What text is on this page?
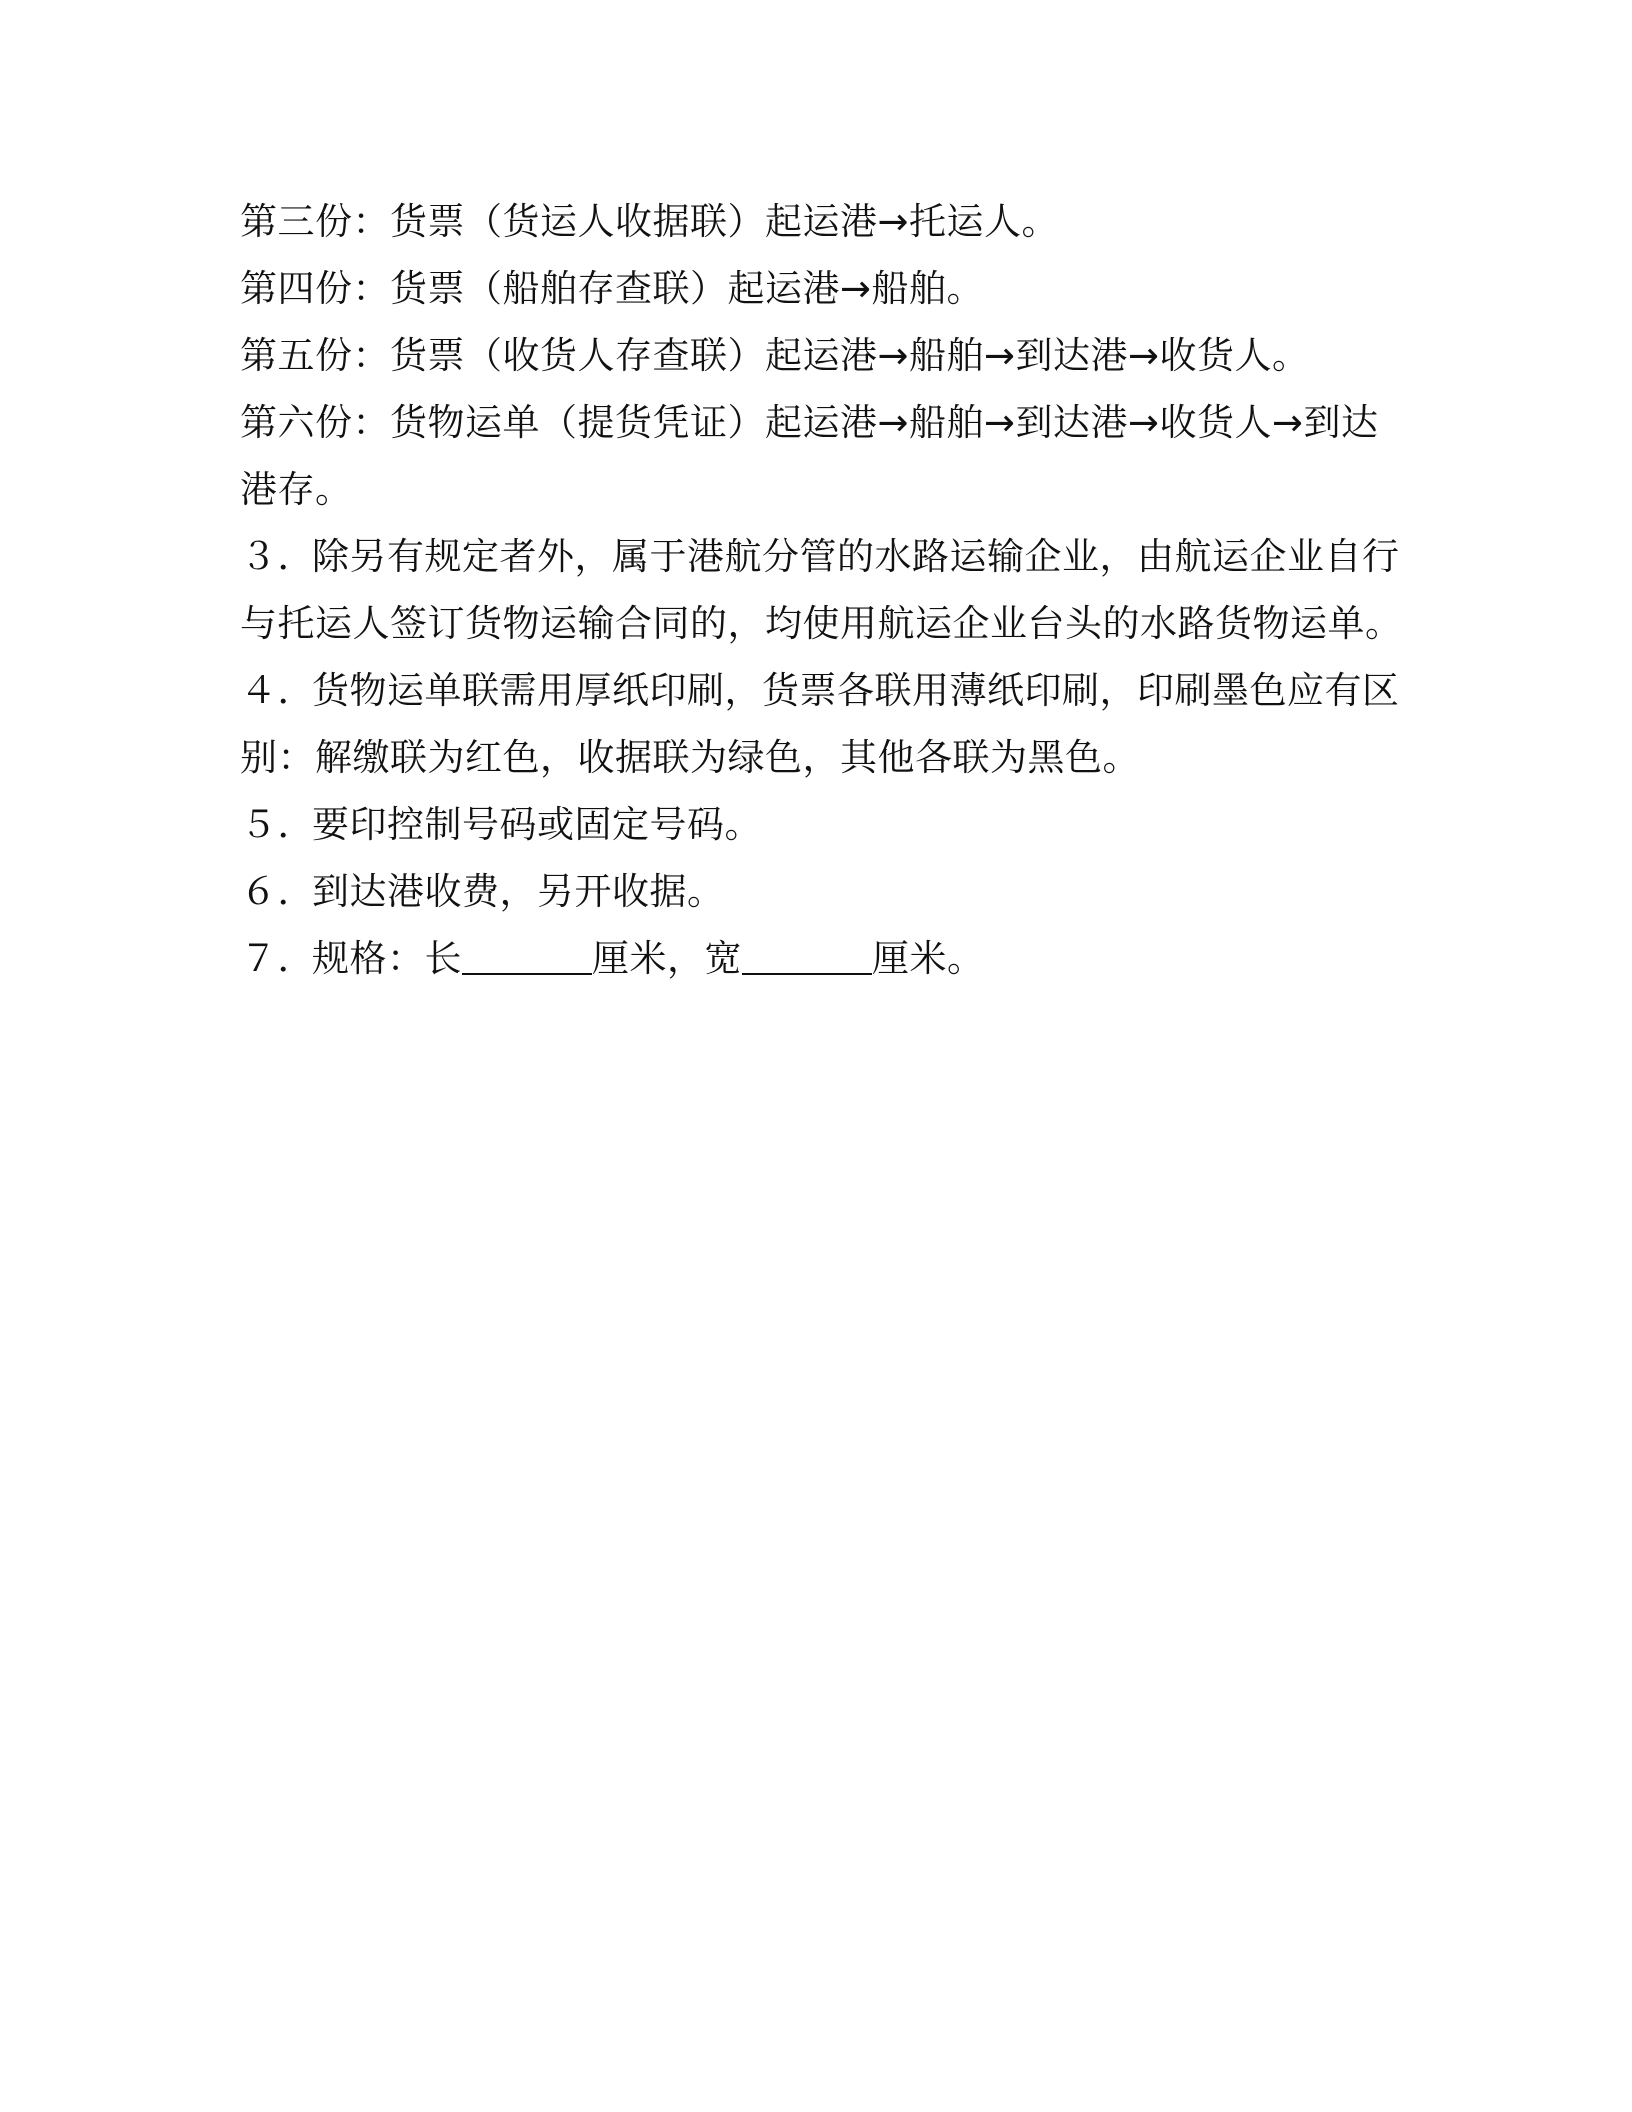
第三份：货票（货运人收据联）起运港→托运人。
第四份：货票（船舶存查联）起运港→船舶。
第五份：货票（收货人存查联）起运港→船舶→到达港→收货人。
第六份：货物运单（提货凭证）起运港→船舶→到达港→收货人→到达
港存。
３．除另有规定者外，属于港航分管的水路运输企业，由航运企业自行
与托运人签订货物运输合同的，均使用航运企业台头的水路货物运单。
４．货物运单联需用厚纸印刷，货票各联用薄纸印刷，印刷墨色应有区
别：解缴联为红色，收据联为绿色，其他各联为黑色。
５．要印控制号码或固定号码。
６．到达港收费，另开收据。
７．规格：长	厘米，宽	厘米。
